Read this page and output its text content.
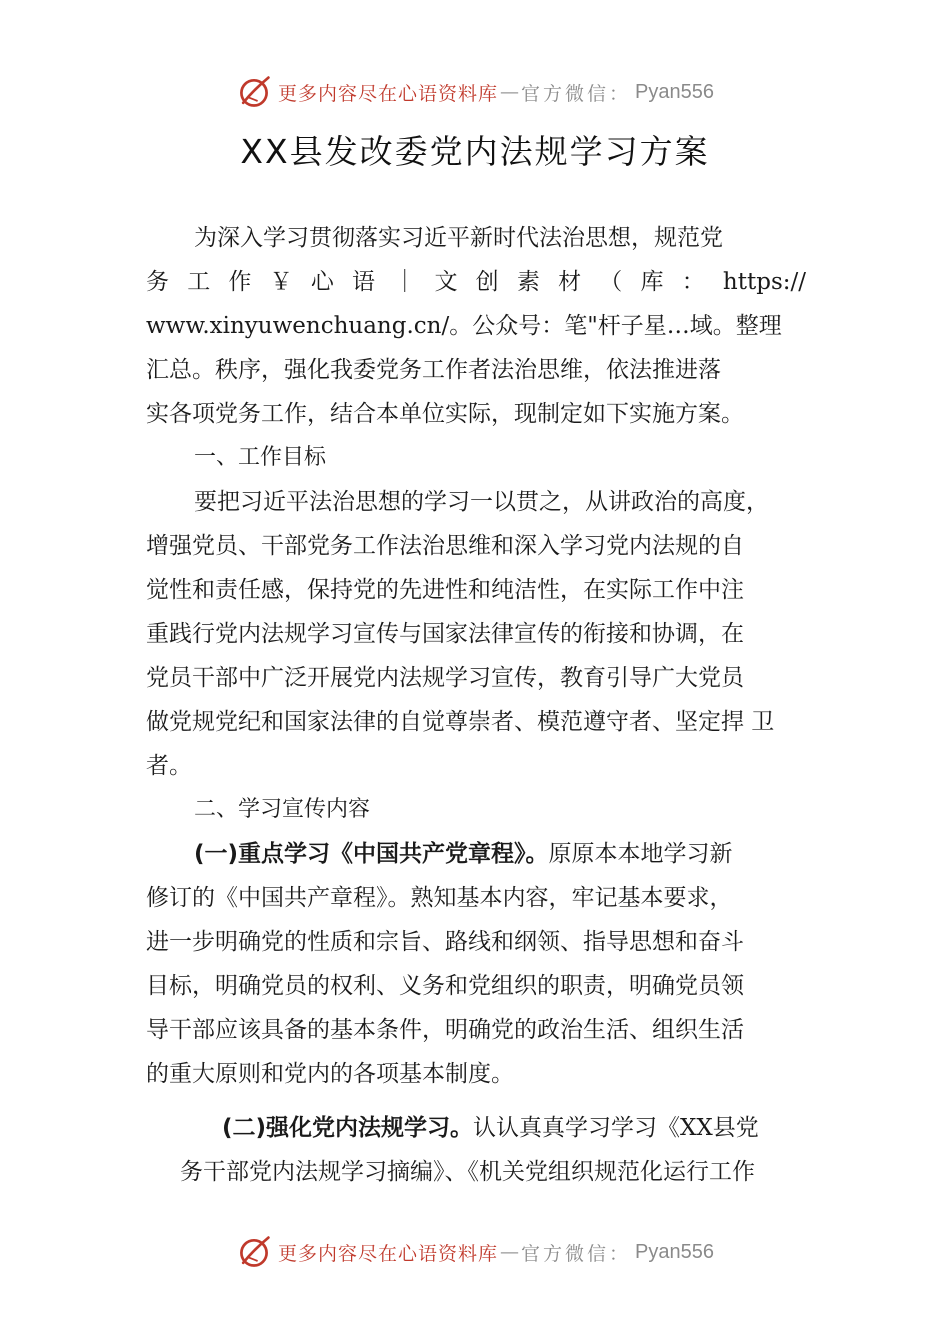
更多内容尽在心语资料库 — 官方微信： Pyan556
XX县发改委党内法规学习方案
为深入学习贯彻落实习近平新时代法治思想，规范党
务 工 作 ￥ 心 语 ｜ 文 创 素 材 （ 库 ： https://
www.xinyuwenchuang.cn/。公众号：笔"杆子星…域。整理
汇总。秩序，强化我委党务工作者法治思维，依法推进落
实各项党务工作，结合本单位实际，现制定如下实施方案。
一、工作目标
要把习近平法治思想的学习一以贯之，从讲政治的高度，
增强党员、干部党务工作法治思维和深入学习党内法规的自
觉性和责任感，保持党的先进性和纯洁性，在实际工作中注
重践行党内法规学习宣传与国家法律宣传的衔接和协调，在
党员干部中广泛开展党内法规学习宣传，教育引导广大党员
做党规党纪和国家法律的自觉尊崇者、模范遵守者、坚定捍 卫
者。
二、学习宣传内容
(一)重点学习《中国共产党章程》。原原本本地学习新
修订的《中国共产章程》。熟知基本内容，牢记基本要求，
进一步明确党的性质和宗旨、路线和纲领、指导思想和奋斗
目标，明确党员的权利、义务和党组织的职责，明确党员领
导干部应该具备的基本条件，明确党的政治生活、组织生活
的重大原则和党内的各项基本制度。
(二)强化党内法规学习。认认真真学习学习《XX县党
务干部党内法规学习摘编》、《机关党组织规范化运行工作
更多内容尽在心语资料库 — 官方微信： Pyan556
